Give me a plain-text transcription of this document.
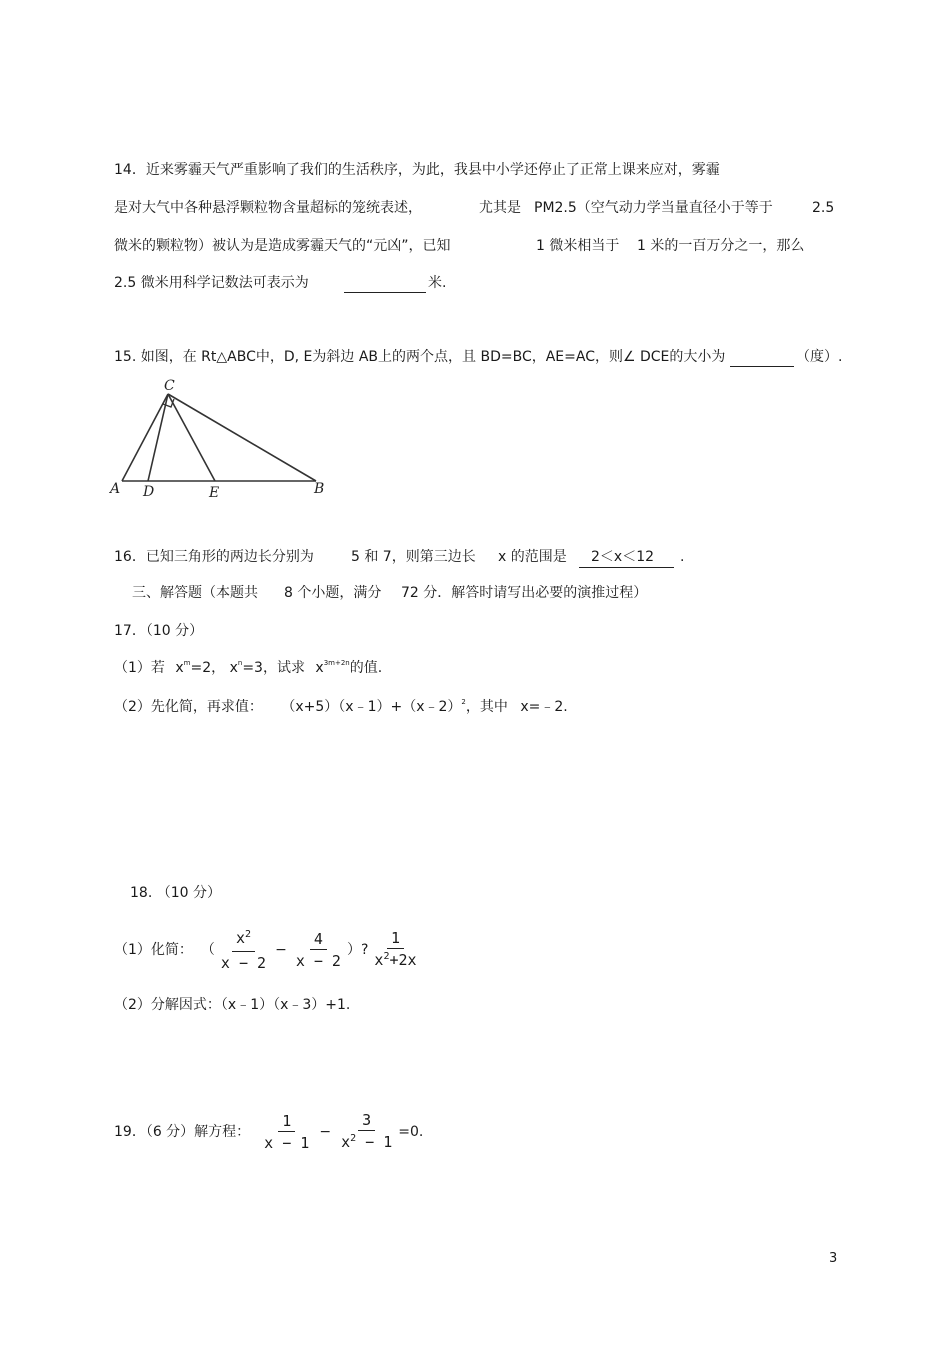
14．近来雾霾天气严重影响了我们的生活秩序，为此，我县中小学还停止了正常上课来应对，雾霾
是对大气中各种悬浮颗粒物含量超标的笼统表述，	尤其是 PM2.5（空气动力学当量直径小于等于	2.5
微米的颗粒物）被认为是造成雾霾天气的“元凶”，已知	1 微米相当于 1 米的一百万分之一，那么
2.5 微米用科学记数法可表示为	米.
15. 如图，在 Rt△ABC中，D, E为斜边 AB上的两个点，且 BD=BC，AE=AC，则∠ DCE的大小为	（度）.
C
A D	E	B
16．已知三角形的两边长分别为	5 和 7，则第三边长 x 的范围是	2＜x＜12	.
三、解答题（本题共 8 个小题，满分 72 分．解答时请写出必要的演推过程）
17．（10 分）
（1）若 $x^m=2$， $x^n=3$，试求 $x^{3m+2n}$的值.
（2）先化简，再求值： （x+5）（x﹣1）+（x﹣2）$^2$，其中 x=﹣2.
18. （10 分）
（1）化简： （ $\frac{x^2}{x - 2} - \frac{4}{x - 2}$ ）? $\frac{1}{x^2+2x}$
（2）分解因式：（x﹣1）（x﹣3）+1.
19．（6 分）解方程： $\frac{1}{x - 1} - \frac{3}{x^2 - 1} =0$.
3
